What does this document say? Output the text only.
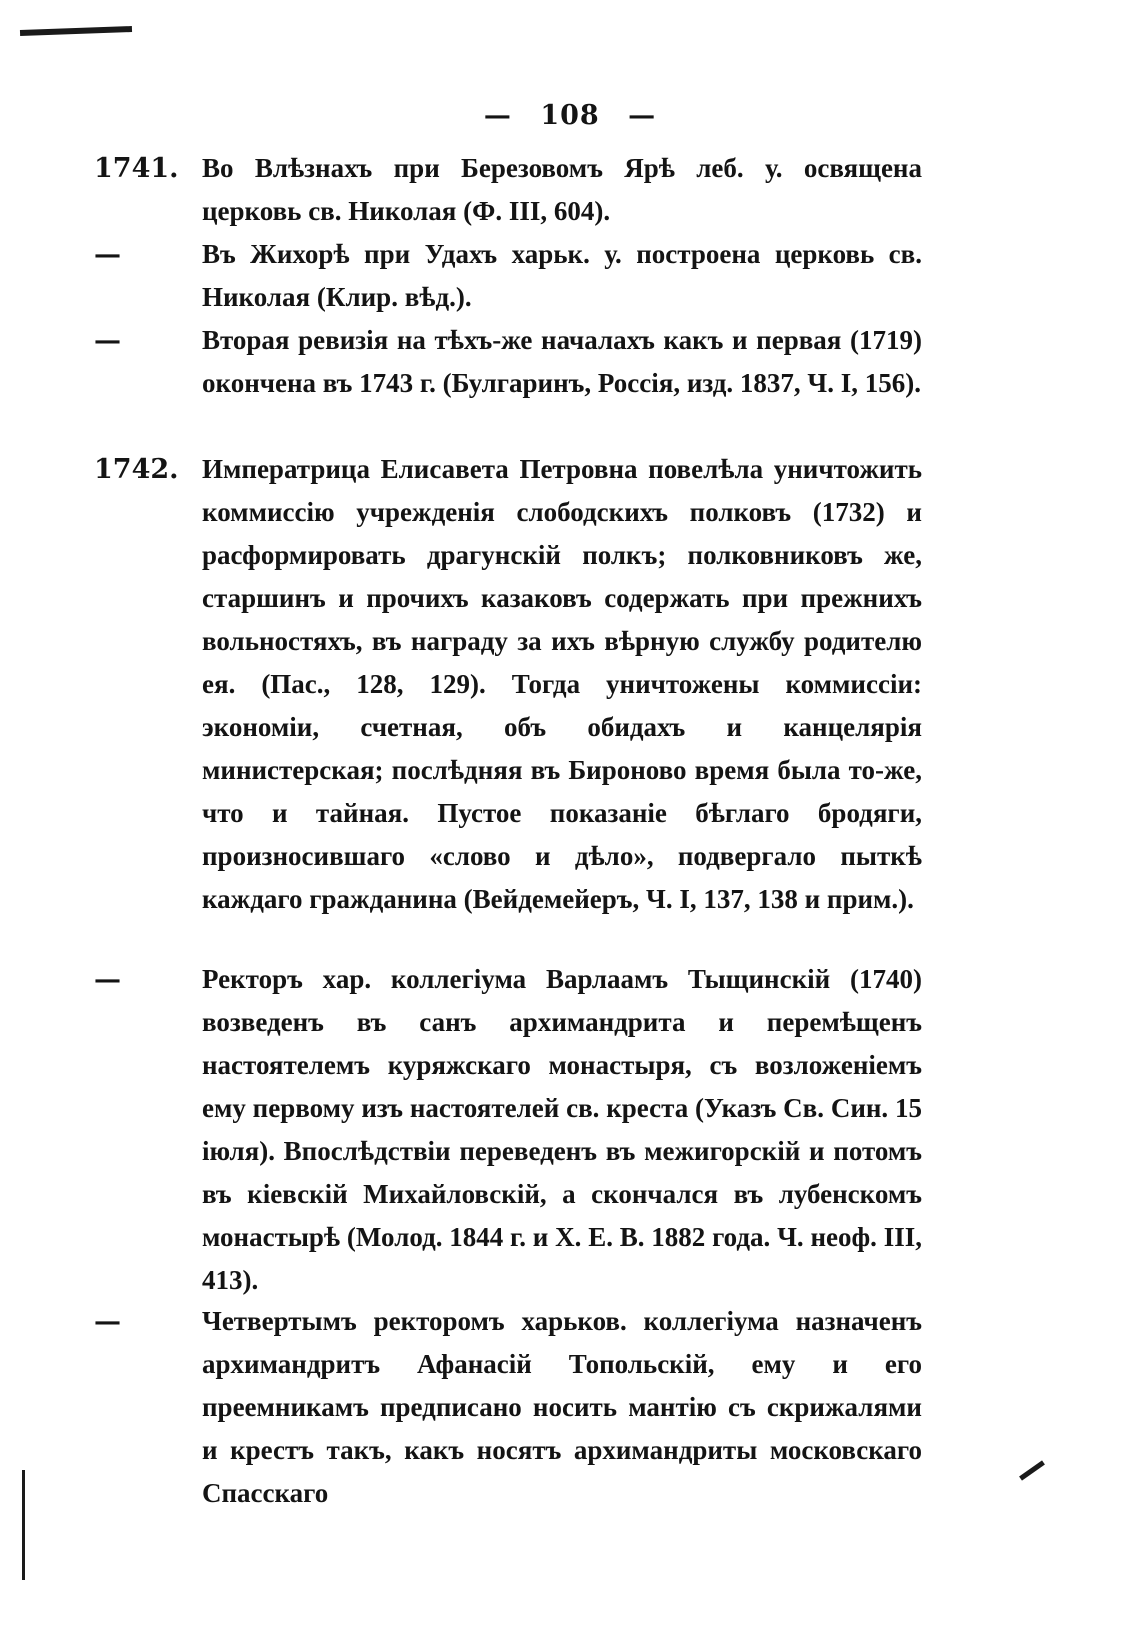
— 108 —
1741. Во Влѣзнахъ при Березовомъ Ярѣ леб. у. освящена церковь св. Николая (Ф. III, 604).
—	Въ Жихорѣ при Удахъ харьк. у. построена церковь св. Николая (Клир. вѣд.).
—	Вторая ревизія на тѣхъ-же началахъ какъ и первая (1719) окончена въ 1743 г. (Булгаринъ, Россія, изд. 1837, Ч. I, 156).
1742. Императрица Елисавета Петровна повелѣла уничтожить коммиссію учрежденія слободскихъ полковъ (1732) и расформировать драгунскій полкъ; полковниковъ же, старшинъ и прочихъ казаковъ содержать при прежнихъ вольностяхъ, въ награду за ихъ вѣрную службу родителю ея. (Пас., 128, 129). Тогда уничтожены коммиссіи: экономіи, счетная, объ обидахъ и канцелярія министерская; послѣдняя въ Бироново время была то-же, что и тайная. Пустое показаніе бѣглаго бродяги, произносившаго «слово и дѣло», подвергало пыткѣ каждаго гражданина (Вейдемейеръ, Ч. I, 137, 138 и прим.).
—	Ректоръ хар. коллегіума Варлаамъ Тыщинскій (1740) возведенъ въ санъ архимандрита и перемѣщенъ настоятелемъ куряжскаго монастыря, съ возложеніемъ ему первому изъ настоятелей св. креста (Указъ Св. Син. 15 іюля). Впослѣдствіи переведенъ въ межигорскій и потомъ въ кіевскій Михайловскій, а скончался въ лубенскомъ монастырѣ (Молод. 1844 г. и Х. Е. В. 1882 года. Ч. неоф. III, 413).
—	Четвертымъ ректоромъ харьков. коллегіума назначенъ архимандритъ Афанасій Топольскій, ему и его преемникамъ предписано носить мантію съ скрижалями и крестъ такъ, какъ носятъ архимандриты московскаго Спасскаго
